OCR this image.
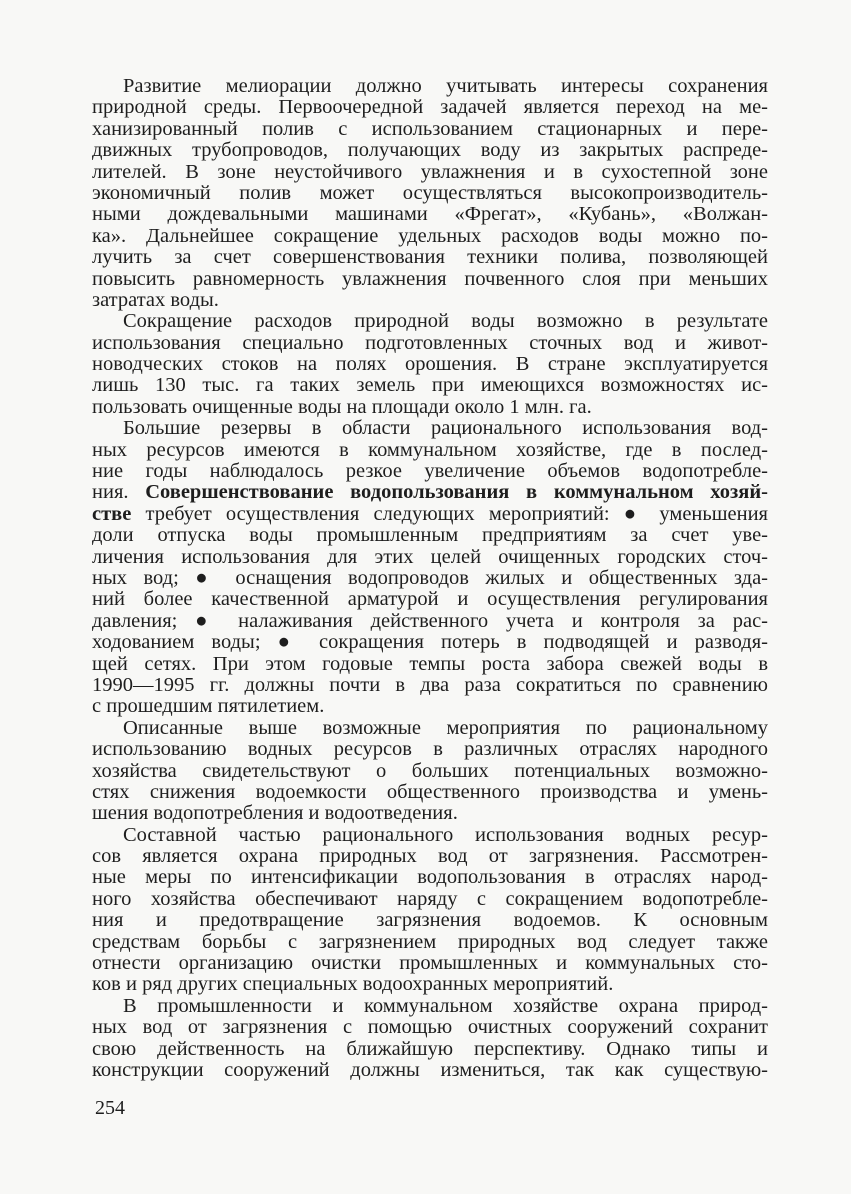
Развитие мелиорации должно учитывать интересы сохранения
природной среды. Первоочередной задачей является переход на ме-
ханизированный полив с использованием стационарных и пере-
движных трубопроводов, получающих воду из закрытых распреде-
лителей. В зоне неустойчивого увлажнения и в сухостепной зоне
экономичный полив может осуществляться высокопроизводитель-
ными дождевальными машинами «Фрегат», «Кубань», «Волжан-
ка». Дальнейшее сокращение удельных расходов воды можно по-
лучить за счет совершенствования техники полива, позволяющей
повысить равномерность увлажнения почвенного слоя при меньших
затратах воды.
Сокращение расходов природной воды возможно в результате
использования специально подготовленных сточных вод и живот-
новодческих стоков на полях орошения. В стране эксплуатируется
лишь 130 тыс. га таких земель при имеющихся возможностях ис-
пользовать очищенные воды на площади около 1 млн. га.
Большие резервы в области рационального использования вод-
ных ресурсов имеются в коммунальном хозяйстве, где в послед-
ние годы наблюдалось резкое увеличение объемов водопотребле-
ния. Совершенствование водопользования в коммунальном хозяй-
стве требует осуществления следующих мероприятий: ● уменьшения
доли отпуска воды промышленным предприятиям за счет уве-
личения использования для этих целей очищенных городских сточ-
ных вод; ● оснащения водопроводов жилых и общественных зда-
ний более качественной арматурой и осуществления регулирования
давления; ● налаживания действенного учета и контроля за рас-
ходованием воды; ● сокращения потерь в подводящей и разводя-
щей сетях. При этом годовые темпы роста забора свежей воды в
1990—1995 гг. должны почти в два раза сократиться по сравнению
с прошедшим пятилетием.
Описанные выше возможные мероприятия по рациональному
использованию водных ресурсов в различных отраслях народного
хозяйства свидетельствуют о больших потенциальных возможно-
стях снижения водоемкости общественного производства и умень-
шения водопотребления и водоотведения.
Составной частью рационального использования водных ресур-
сов является охрана природных вод от загрязнения. Рассмотрен-
ные меры по интенсификации водопользования в отраслях народ-
ного хозяйства обеспечивают наряду с сокращением водопотребле-
ния и предотвращение загрязнения водоемов. К основным
средствам борьбы с загрязнением природных вод следует также
отнести организацию очистки промышленных и коммунальных сто-
ков и ряд других специальных водоохранных мероприятий.
В промышленности и коммунальном хозяйстве охрана природ-
ных вод от загрязнения с помощью очистных сооружений сохранит
свою действенность на ближайшую перспективу. Однако типы и
конструкции сооружений должны измениться, так как существую-
254
